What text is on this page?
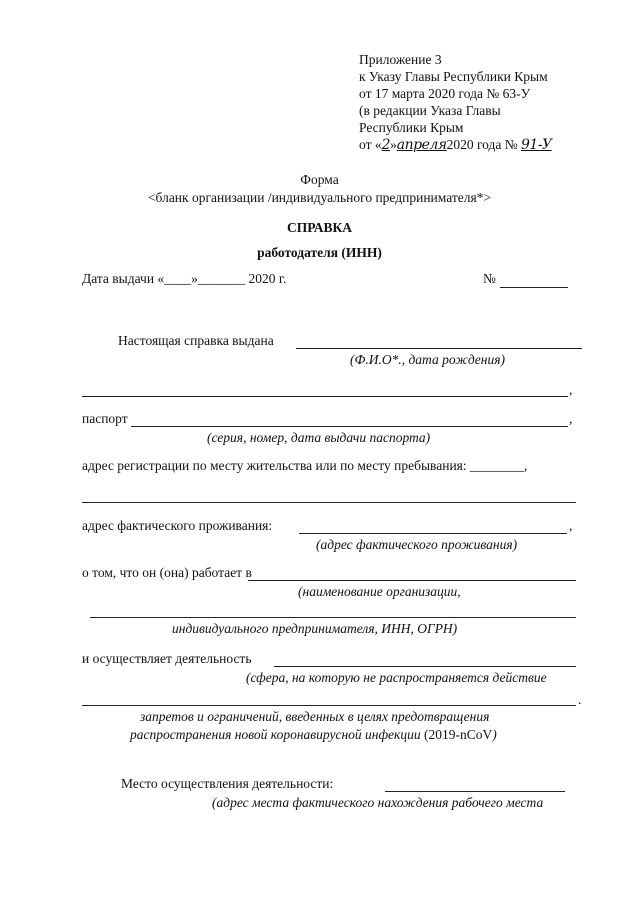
Приложение 3
к Указу Главы Республики Крым
от 17 марта 2020 года № 63-У
(в редакции Указа Главы
Республики Крым
от «2»апреля2020 года № 91-У
Форма
<бланк организации /индивидуального предпринимателя*>
СПРАВКА
работодателя (ИНН)
Дата выдачи «____»_______ 2020 г.	№
Настоящая справка выдана
(Ф.И.О*., дата рождения)
,
паспорт	,
(серия, номер, дата выдачи паспорта)
адрес регистрации по месту жительства или по месту пребывания: ________,
адрес фактического проживания:	,
(адрес фактического проживания)
о том, что он (она) работает в
(наименование организации,
индивидуального предпринимателя, ИНН, ОГРН)
и осуществляет деятельность
(сфера, на которую не распространяется действие
.
запретов и ограничений, введенных в целях предотвращения
распространения новой коронавирусной инфекции (2019-nCoV)
Место осуществления деятельности:
(адрес места фактического нахождения рабочего места
